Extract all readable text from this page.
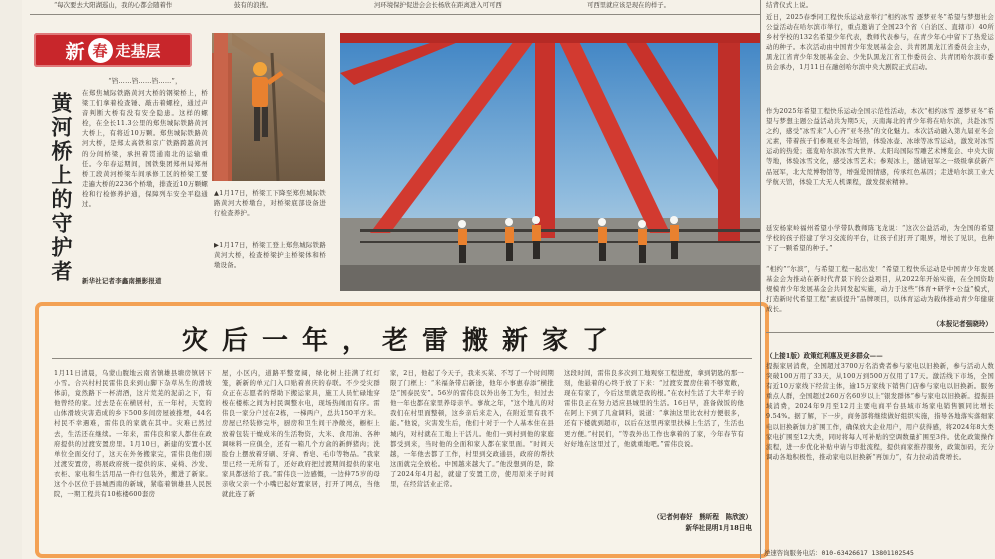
“每次要去大阳湖巡山，我的心都会随着作	鼓有的浪搜。	河环境保护促进会会长杨欣在距离进入可可西	可西里就应该是现在的样子。
新 春 走基层
黄河桥上的守护者
“铛……铛……铛……”，
在郑焦城际铁路黄河大桥的钢梁桥上，桥梁工们拿着检查锤、敲击着螺栓，通过声音判断大桥有没有安全隐患。这样的螺栓，在全长11.3公里的郑焦城际铁路黄河大桥上，有将近10万颗。郑焦城际铁路黄河大桥，是郑太高铁和京广铁路跨越黄河的分间桥梁，承担着贯通南北的运输重任。今年春运期间，国铁集团郑州局郑州桥工段黄河桥梁车间承修工区的桥梁工要走遍大桥的2236个桥墩，排查近10万颗螺栓和行检修养护通，保障列车安全平稳通过。
新华社记者李鑫南摄影报道
▲1月17日，桥梁工下降至郑焦城际铁路黄河大桥墩台，对桥梁底部设备进行检查养护。
▶1月17日，桥梁工登上郑焦城际铁路黄河大桥，检查桥梁护主桥梁体和桥墩设备。
灾后一年，老雷搬新家了
1月11日清晨，乌蒙山腹地云南省镇雄县塘房镇居下小雪。合兴村村民雷伟良来到山脚下杂草丛生的滑坡体前，竟然路下一杯清酒，这片荒芜的泥前之下，有他曾经的家。过去是在在横居村，五一年村，天宽的山体滑坡灾害造成的乡下500多间房屋被推埋，44名村民不幸遇难，雷伟良的家就在其中。灾难已然过去，生活还在继续。一年来，雷伟良和家人都住在政府提供的过渡安置房里。1月10日，新建的安置小区单位全面交付了，这天在外务搬家完，雷伟良他们别过渡安置房，将展政府统一提供的床、桌椅、沙发、衣柜、家电和生活用品一件行包装外，搬进了新家。这个小区位于县城西南的新城，紧临着镇雄县人民医院，一期工程共有10栋楼600套房
屋，小区内，道路平整宽阔，绿化树上挂满了红灯笼，新新的单元门入口贴着喜庆的春联。不少受灾群众正在志愿者的帮助下搬运家具，施工人员忙碌地穿梭在楼栋之间为村民调整水电，现场热闹而有序。雷伟良一家分户过在2栋，一梯两户，总共150平方米。房屋已经装修完毕，厨房和卫生间干净敞亮，橱柜上放着包装干燥成米的生活物资，大米、食用油、各种调味料一应俱全，还有一箱几个方盒的新鲜猪肉；洗脸台上摆放着牙刷、牙膏、香皂、毛巾等物品。“我家里已经一无所有了，还好政府把过渡期间提供的家电家具都送给了我。”雷伟良一边感慨，一边伸75岁的母亲收父亲一个小嘴巴起好置家居，打开了网点，当他就此连了新
家，2日，他起了今天子，我来买菜、不写了一个时间期限了门框上：“米福条带启新途，他年小事惠春添”横批是“国泰民安”。56岁的雷伟良以外出务工为生，但过去他一年也都在家里养母亲羊。事故之年，“这个地儿的对我们在村里面整顿，这乡亲后来走入，在附近里有我不能。”他说，灾害发生后，他们十对于一个人基本住在县城内，对村就在工地上干活儿。他们一到村到他的家庭都受到来，当时他的全面和家人都在家里面。“时间天越，一年他去都了工作，村里到交政通县，政府的帮扶这面就完全放松。中国越来越大了。”他没想到的是，除了2024年4月起，就建了安置工房，使用原来子时间里，在经营活业正常。
这段时间，雷伟良多次到工地观察工程进度，拿到钥匙的那一刻，他悬着的心终于放了下来：“过渡安置房住着不够宽敞，现在有家了，今后这里就是我的根。”在农村生活了大半辈子的雷伟良正在努力适应县城里的生活。16日早，准备做饭的他在阿上下到了几盒调料，说道：“拿油这里比农村方便很多，还有下楼就到超市，以后在这里再家里扶梯上生活了，生活也更方便。”村民们，“等我外出工作也拿着的了家，今年春节有好好地在这里过了，他就重地吧。”雷伟良说。
（记者何春好　熊昕程　陈欣波）
新华社昆明1月18日电
结背仪式上说。
近日，2025春季同工程快乐运动意举行“相约冰雪 逐梦亚冬”希望与梦想社会公益活动在哈尔滨市举行，重点邀请了全国23个省（自治区、直辖市）40所乡村学校的132名希望少年代表，教师代表参与，在青少年心中留下了热爱运动的种子。本次活动由中国青少年发展基金会、共青团黑龙江省委员会主办，黑龙江省青少年发展基金会、少先队黑龙江省工作委员会、共青团哈尔滨市委员会承办，1月11日在融创哈尔滨中央大剧院正式启动。
作为2025年希望工程快乐运动全国示范性活动，本次“相约冰雪 逐梦亚冬”希望与梦想主题公益活动共为期5天，天南海北的青少年将在哈尔滨，共赴冰雪之约，感受“冰雪来”人心齐“亚冬热”的文化魅力。本次活动融入第九届亚冬会元素，带着孩子们参观亚冬会场馆，体验冰壶、冰球等冰雪运动，激发对冰雪运动的热爱；逛览哈尔滨冰雪大世界、太阳岛国际雪雕艺术博览会、中央大街等地，体验冰雪文化，感受冰雪艺术；参观冰上，邀请冠军之一级级拿获新产品冠军，北大荒博物馆等，增强爱国情感，传承红色基因；走进哈尔滨工业大学航天馆，体验工大无人机课程，激发探索精神。
延安杨家岭福州希望小学带队教师陈飞龙说：“这次公益活动，为全国的希望学校的孩子搭建了学习交流的平台，让孩子们打开了眼界，增长了见识，也种下了一颗希望的种子。”
“相约”“尔滨”，与希望工程一起出发！”希望工程快乐运动是中国青少年发展基金会为推动在新时代背景下的公益项目，从2022年开始实施，在全国资助规模青少年发展基金会共同发起实施，动力于这些“体育+研学+公益”模式，打造新时代希望工程“素质提升”品牌项目，以体育运动为载体推动青少年健康成长。
（本报记者强晓玲）
（上接1版）政策红利惠及更多群众——
提振家居消费，全国超过3700万名消费者参与家电以旧换新，参与活动人数突破100万用了33天，从100万到500万仅用了17天。激活线下市场，全国有近10万家线下经营主体，逾15万家线下销售门店参与家电以旧换新。服务重点人群，全国超过260万名60岁以上“银发群体”参与家电以旧换新。提振县域消费，2024年9月至12月主要电商平台县域市场家电销售额同比增长9.54%。据了解，下一步，商务部将继续做好组织实施，指导各地落实落细家电以旧换新加力扩围工作，确保放大企业用户，用户获得感，将2024年8大类家电扩围至12大类，同时将每人可补贴的空调数量扩围至3件。优化政策操作流程，进一步优化补贴申请与审批流程，提供商家推荐服务，政策加码，充分调动各地积极性，推动家电以旧换新“再加力”，有力拉动消费增长。
逆速咨询服务电话：010-63426617 13801102545
